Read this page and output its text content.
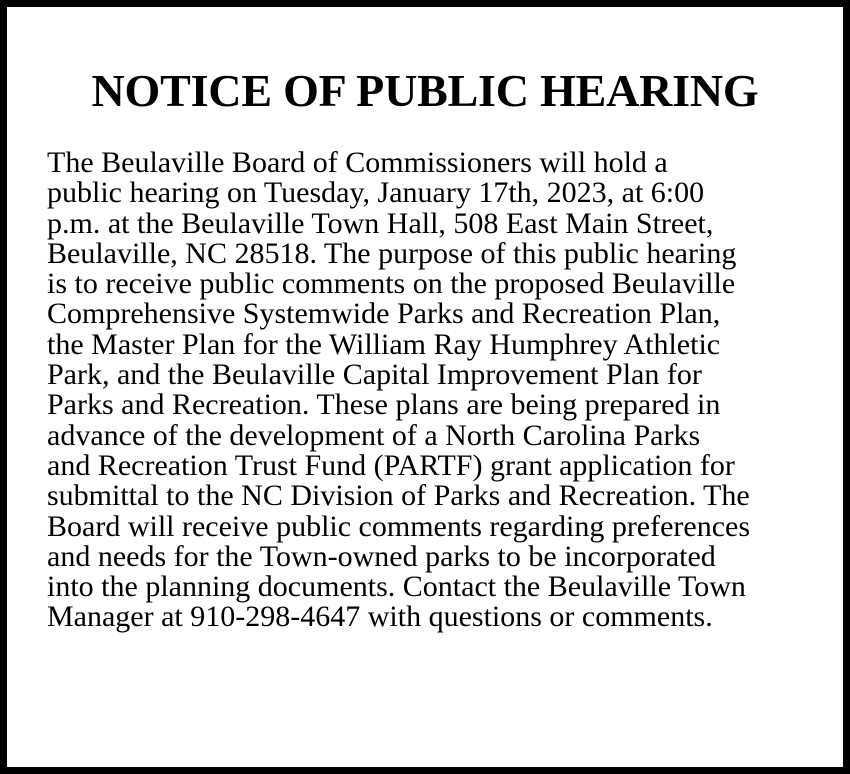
NOTICE OF PUBLIC HEARING
The Beulaville Board of Commissioners will hold a
public hearing on Tuesday, January 17th, 2023, at 6:00
p.m. at the Beulaville Town Hall, 508 East Main Street,
Beulaville, NC 28518. The purpose of this public hearing
is to receive public comments on the proposed Beulaville
Comprehensive Systemwide Parks and Recreation Plan,
the Master Plan for the William Ray Humphrey Athletic
Park, and the Beulaville Capital Improvement Plan for
Parks and Recreation. These plans are being prepared in
advance of the development of a North Carolina Parks
and Recreation Trust Fund (PARTF) grant application for
submittal to the NC Division of Parks and Recreation. The
Board will receive public comments regarding preferences
and needs for the Town-owned parks to be incorporated
into the planning documents. Contact the Beulaville Town
Manager at 910-298-4647 with questions or comments.
